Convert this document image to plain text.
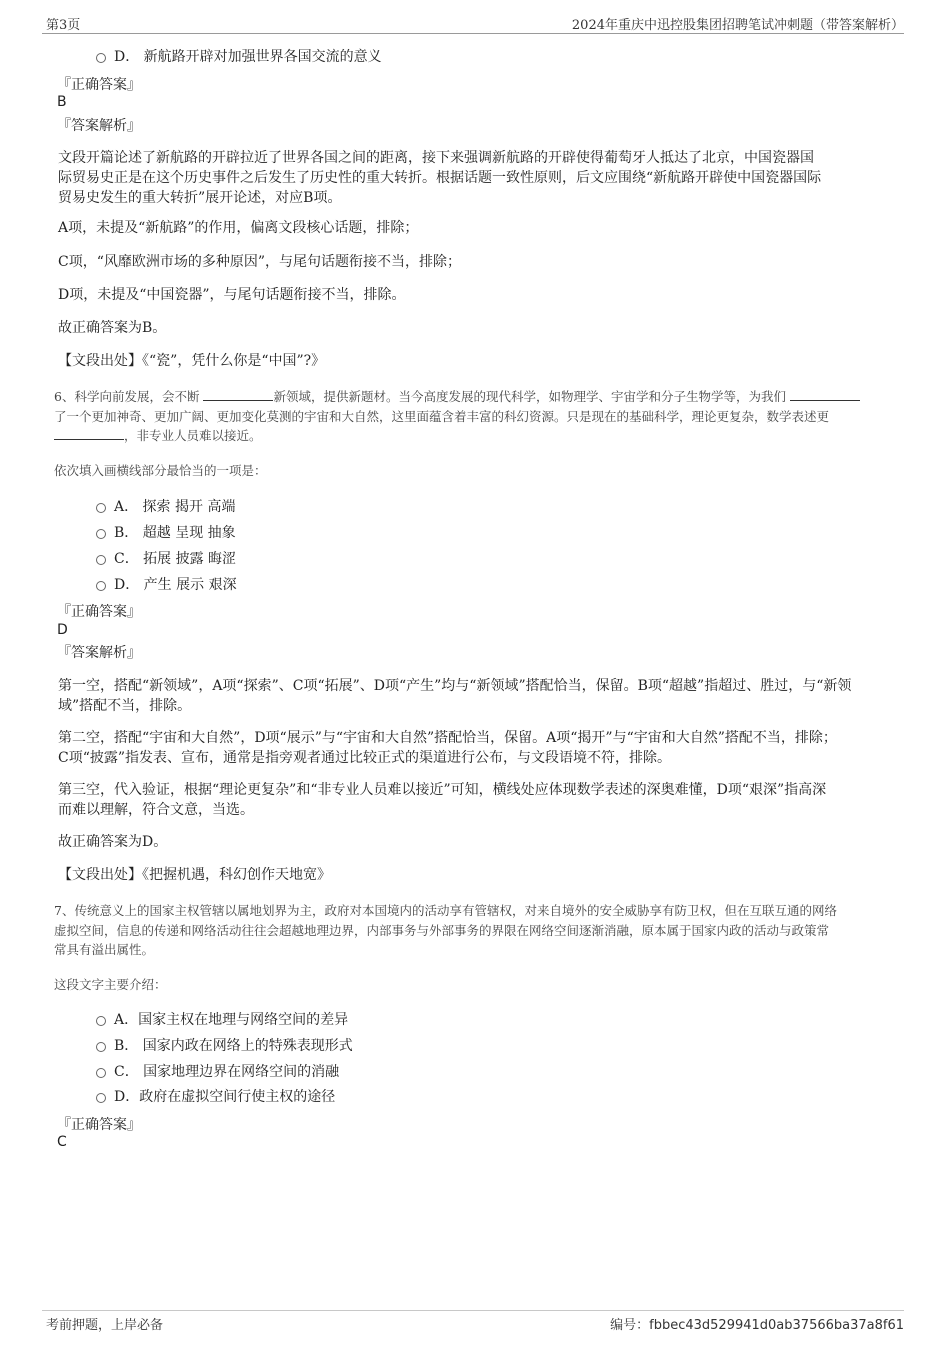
第3页	2024年重庆中迅控股集团招聘笔试冲刺题（带答案解析）
D． 新航路开辟对加强世界各国交流的意义
『正确答案』
B
『答案解析』
文段开篇论述了新航路的开辟拉近了世界各国之间的距离，接下来强调新航路的开辟使得葡萄牙人抵达了北京，中国瓷器国
际贸易史正是在这个历史事件之后发生了历史性的重大转折。根据话题一致性原则，后文应围绕“新航路开辟使中国瓷器国际
贸易史发生的重大转折”展开论述，对应B项。
A项，未提及“新航路”的作用，偏离文段核心话题，排除；
C项，“风靡欧洲市场的多种原因”，与尾句话题衔接不当，排除；
D项，未提及“中国瓷器”，与尾句话题衔接不当，排除。
故正确答案为B。
【文段出处】《“瓷”，凭什么你是“中国”?》
6、科学向前发展，会不断	新领域，提供新题材。当今高度发展的现代科学，如物理学、宇宙学和分子生物学等，为我们
了一个更加神奇、更加广阔、更加变化莫测的宇宙和大自然，这里面蕴含着丰富的科幻资源。只是现在的基础科学，理论更复杂，数学表述更
，非专业人员难以接近。
依次填入画横线部分最恰当的一项是：
A． 探索 揭开 高端
B． 超越 呈现 抽象
C． 拓展 披露 晦涩
D． 产生 展示 艰深
『正确答案』
D
『答案解析』
第一空，搭配“新领域”，A项“探索”、C项“拓展”、D项“产生”均与“新领域”搭配恰当，保留。B项“超越”指超过、胜过，与“新领
域”搭配不当，排除。
第二空，搭配“宇宙和大自然”，D项“展示”与“宇宙和大自然”搭配恰当，保留。A项“揭开”与“宇宙和大自然”搭配不当，排除；
C项“披露”指发表、宣布，通常是指旁观者通过比较正式的渠道进行公布，与文段语境不符，排除。
第三空，代入验证，根据“理论更复杂”和“非专业人员难以接近”可知，横线处应体现数学表述的深奥难懂，D项“艰深”指高深
而难以理解，符合文意，当选。
故正确答案为D。
【文段出处】《把握机遇，科幻创作天地宽》
7、传统意义上的国家主权管辖以属地划界为主，政府对本国境内的活动享有管辖权，对来自境外的安全威胁享有防卫权，但在互联互通的网络
虚拟空间，信息的传递和网络活动往往会超越地理边界，内部事务与外部事务的界限在网络空间逐渐消融，原本属于国家内政的活动与政策常
常具有溢出属性。
这段文字主要介绍：
A．国家主权在地理与网络空间的差异
B． 国家内政在网络上的特殊表现形式
C． 国家地理边界在网络空间的消融
D．政府在虚拟空间行使主权的途径
『正确答案』
C
考前押题，上岸必备	编号：fbbec43d529941d0ab37566ba37a8f61
